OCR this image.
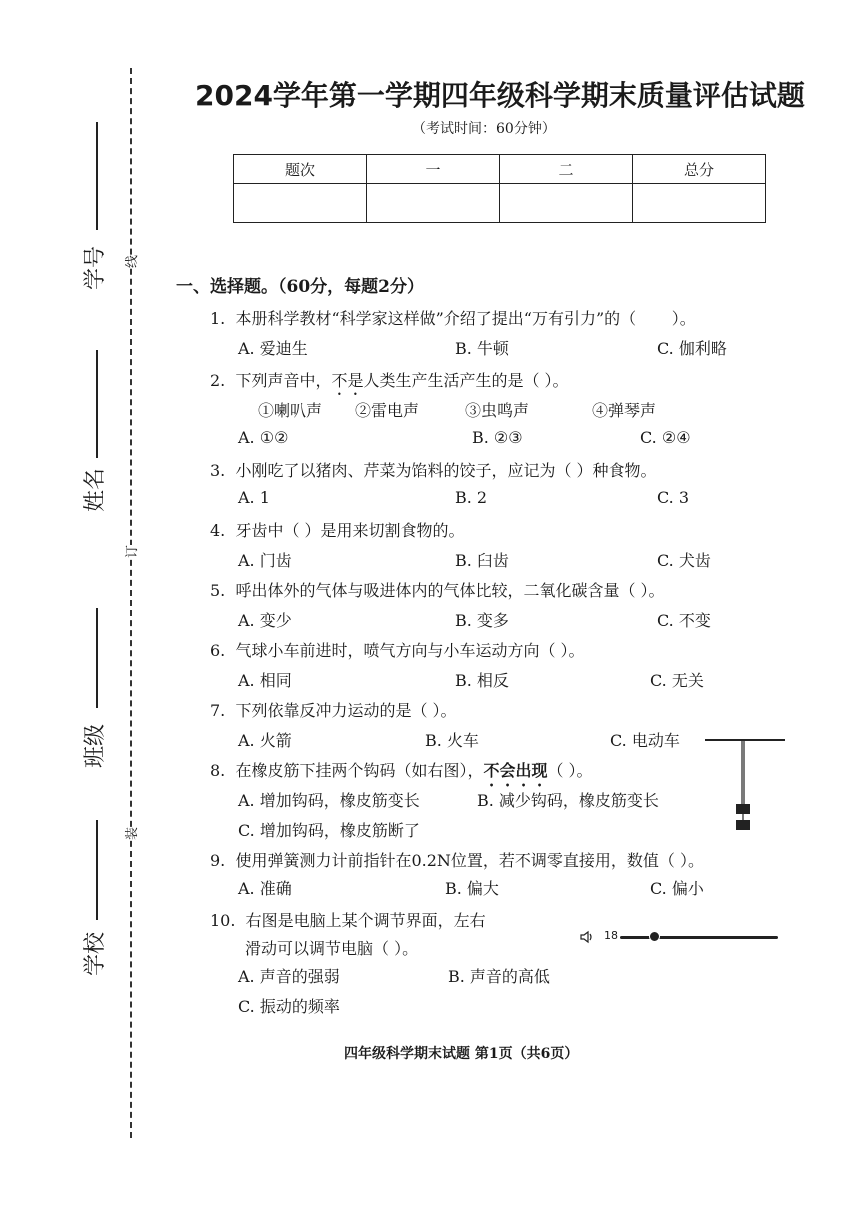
学号
姓名
班级
学校
线
订
装
2024学年第一学期四年级科学期末质量评估试题
（考试时间：60分钟）
题次	一	二	总分

一、选择题。（60分，每题2分）
1. 本册科学教材“科学家这样做”介绍了提出“万有引力”的（ ）。
A. 爱迪生	B. 牛顿	C. 伽利略
2. 下列声音中，不是人类生产生活产生的是（ ）。
①喇叭声 ②雷电声	③虫鸣声	④弹琴声
A. ①②	B. ②③	C. ②④
3. 小刚吃了以猪肉、芹菜为馅料的饺子，应记为（ ）种食物。
A. 1	B. 2	C. 3
4. 牙齿中（ ）是用来切割食物的。
A. 门齿	B. 臼齿	C. 犬齿
5. 呼出体外的气体与吸进体内的气体比较，二氧化碳含量（ ）。
A. 变少	B. 变多	C. 不变
6. 气球小车前进时，喷气方向与小车运动方向（ ）。
A. 相同	B. 相反	C. 无关
7. 下列依靠反冲力运动的是（ ）。
A. 火箭	B. 火车	C. 电动车
8. 在橡皮筋下挂两个钩码（如右图），不会出现（ ）。
A. 增加钩码，橡皮筋变长	B. 减少钩码，橡皮筋变长
C. 增加钩码，橡皮筋断了
9. 使用弹簧测力计前指针在0.2N位置，若不调零直接用，数值（ ）。
A. 准确	B. 偏大	C. 偏小
10. 右图是电脑上某个调节界面，左右
滑动可以调节电脑（ ）。
18
A. 声音的强弱	B. 声音的高低
C. 振动的频率
四年级科学期末试题 第1页（共6页）
